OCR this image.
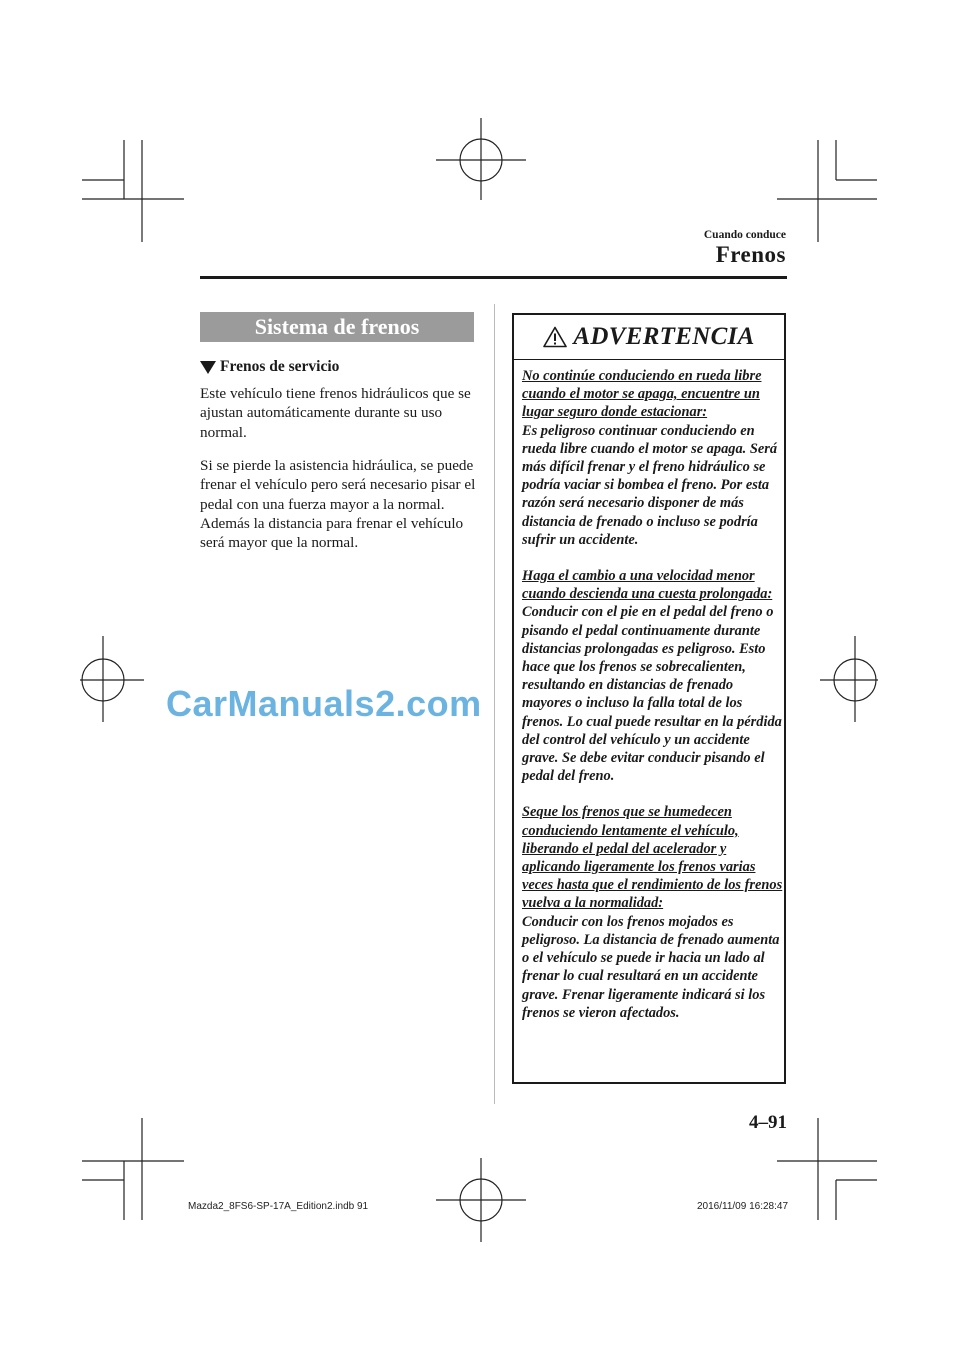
Cuando conduce
Frenos
Sistema de frenos
Frenos de servicio

Este vehículo tiene frenos hidráulicos que se ajustan automáticamente durante su uso normal.

Si se pierde la asistencia hidráulica, se puede frenar el vehículo pero será necesario pisar el pedal con una fuerza mayor a la normal. Además la distancia para frenar el vehículo será mayor que la normal.

CarManuals2.com
ADVERTENCIA
No continúe conduciendo en rueda libre cuando el motor se apaga, encuentre un lugar seguro donde estacionar:
Es peligroso continuar conduciendo en rueda libre cuando el motor se apaga. Será más difícil frenar y el freno hidráulico se podría vaciar si bombea el freno. Por esta razón será necesario disponer de más distancia de frenado o incluso se podría sufrir un accidente.
Haga el cambio a una velocidad menor cuando descienda una cuesta prolongada:
Conducir con el pie en el pedal del freno o pisando el pedal continuamente durante distancias prolongadas es peligroso. Esto hace que los frenos se sobrecalienten, resultando en distancias de frenado mayores o incluso la falla total de los frenos. Lo cual puede resultar en la pérdida del control del vehículo y un accidente grave. Se debe evitar conducir pisando el pedal del freno.
Seque los frenos que se humedecen conduciendo lentamente el vehículo, liberando el pedal del acelerador y aplicando ligeramente los frenos varias veces hasta que el rendimiento de los frenos vuelva a la normalidad:
Conducir con los frenos mojados es peligroso. La distancia de frenado aumenta o el vehículo se puede ir hacia un lado al frenar lo cual resultará en un accidente grave. Frenar ligeramente indicará si los frenos se vieron afectados.
4–91
Mazda2_8FS6-SP-17A_Edition2.indb 91	2016/11/09 16:28:47
